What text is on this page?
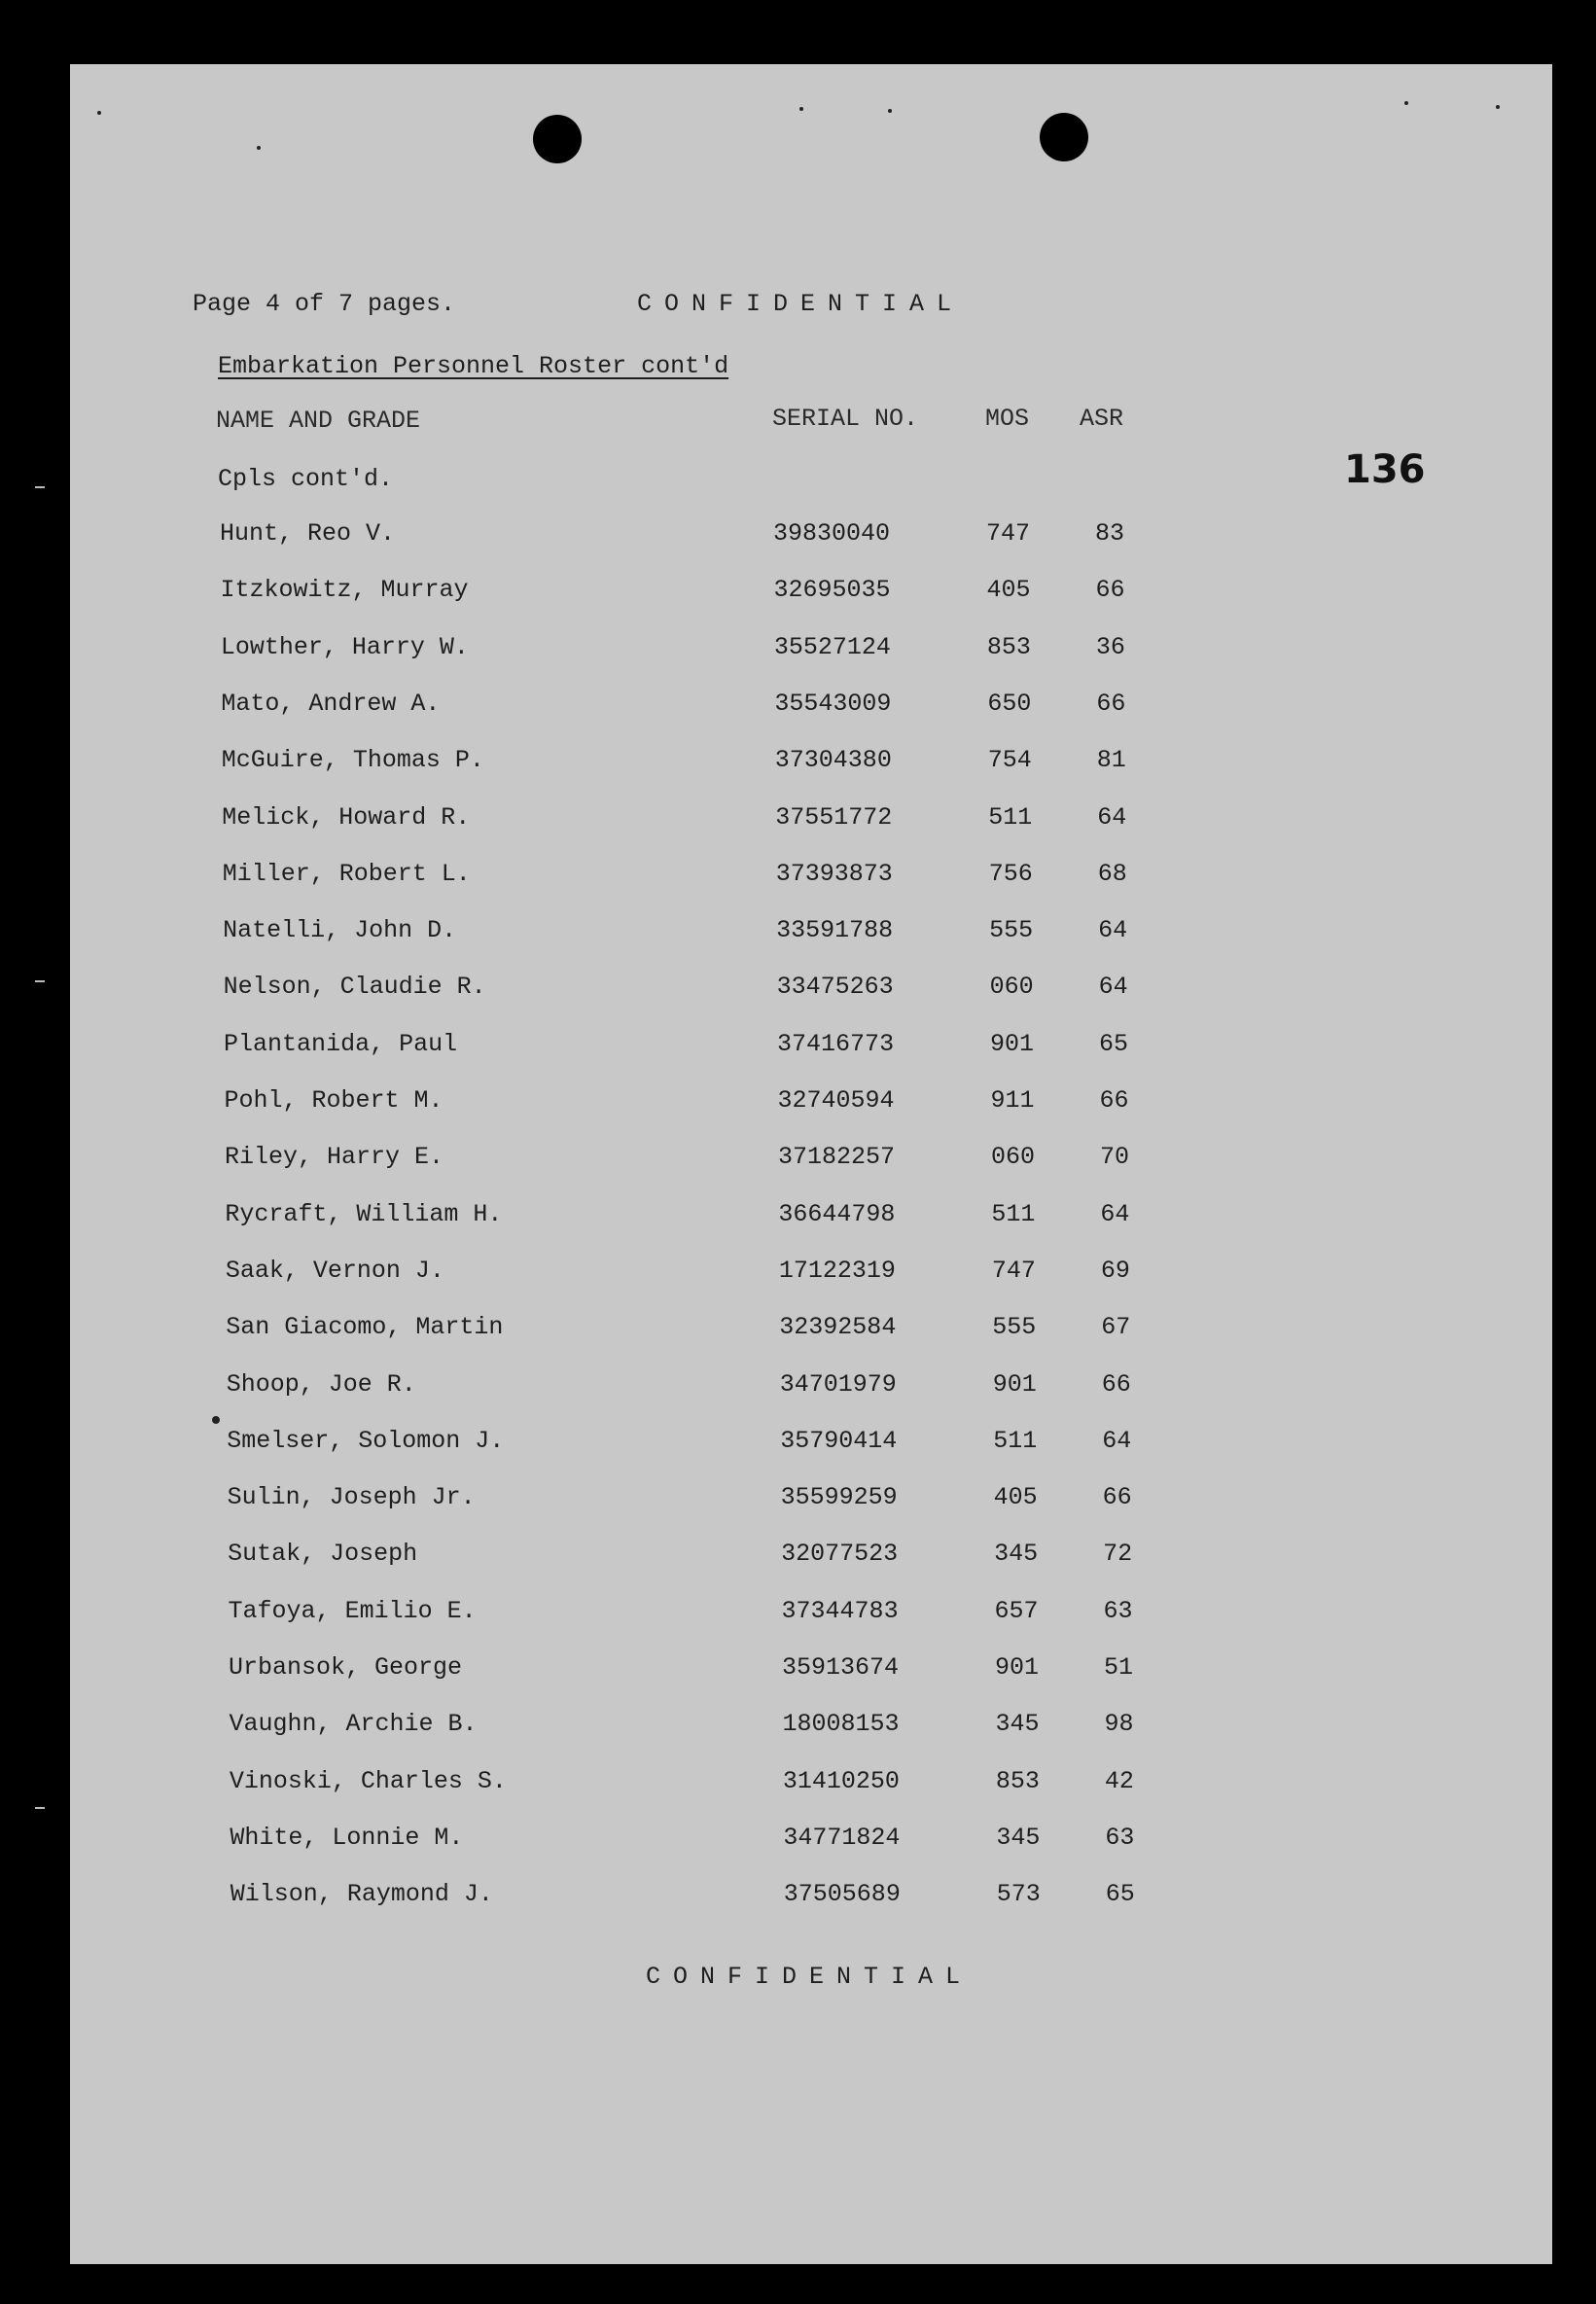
Page 4 of 7 pages.	CONFIDENTIAL
136
Embarkation Personnel Roster cont'd
NAME AND GRADE	SERIAL NO.	MOS ASR
Cpls cont'd.
Hunt, Reo V.	39830040	747	83
Itzkowitz, Murray	32695035	405	66
Lowther, Harry W.	35527124	853	36
Mato, Andrew A.	35543009	650	66
McGuire, Thomas P.	37304380	754	81
Melick, Howard R.	37551772	511	64
Miller, Robert L.	37393873	756	68
Natelli, John D.	33591788	555	64
Nelson, Claudie R.	33475263	060	64
Plantanida, Paul	37416773	901	65
Pohl, Robert M.	32740594	911	66
Riley, Harry E.	37182257	060	70
Rycraft, William H.	36644798	511	64
Saak, Vernon J.	17122319	747	69
San Giacomo, Martin	32392584	555	67
Shoop, Joe R.	34701979	901	66
Smelser, Solomon J.	35790414	511	64
Sulin, Joseph Jr.	35599259	405	66
Sutak, Joseph	32077523	345	72
Tafoya, Emilio E.	37344783	657	63
Urbansok, George	35913674	901	51
Vaughn, Archie B.	18008153	345	98
Vinoski, Charles S.	31410250	853	42
White, Lonnie M.	34771824	345	63
Wilson, Raymond J.	37505689	573	65
CONFIDENTIAL
